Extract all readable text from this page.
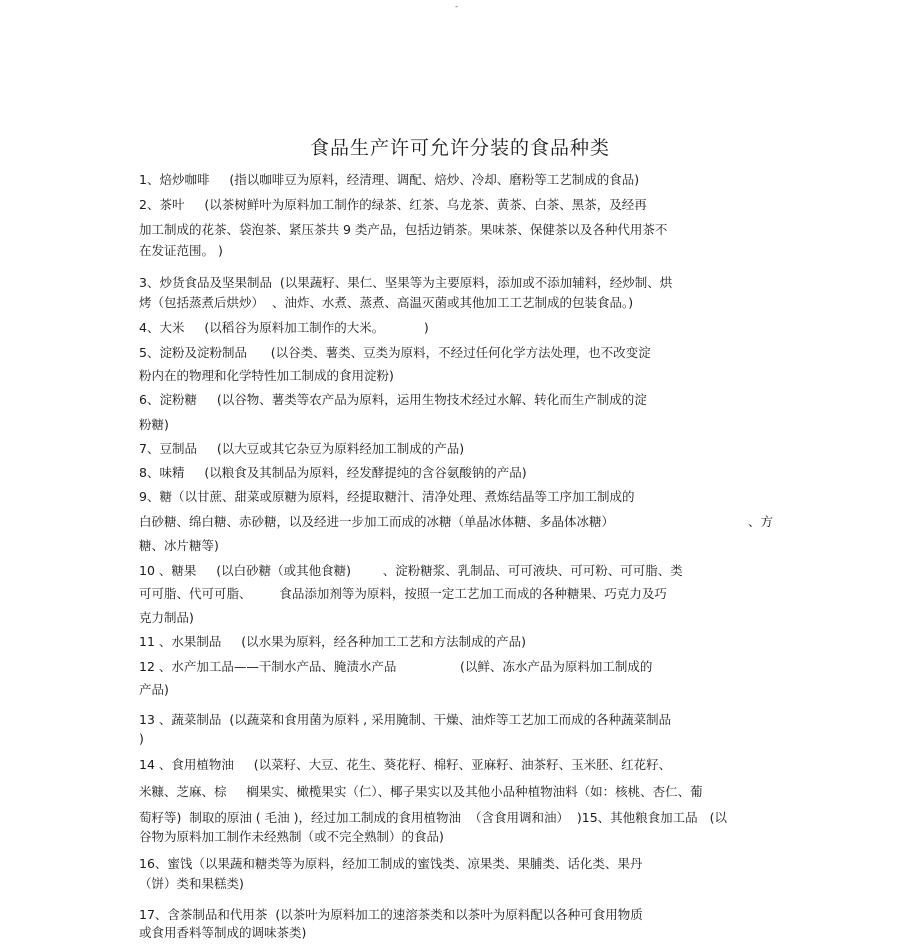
-
食品生产许可允许分装的食品种类
1、焙炒咖啡     (指以咖啡豆为原料，经清理、调配、焙炒、冷却、磨粉等工艺制成的食品)
2、茶叶     (以茶树鲜叶为原料加工制作的绿茶、红茶、乌龙茶、黄茶、白茶、黑茶，及经再
加工制成的花茶、袋泡茶、紧压茶共 9 类产品，包括边销茶。果味茶、保健茶以及各种代用茶不
在发证范围。 )
3、炒货食品及坚果制品  (以果蔬籽、果仁、坚果等为主要原料，添加或不添加辅料，经炒制、烘
烤（包括蒸煮后烘炒）  、油炸、水煮、蒸煮、高温灭菌或其他加工工艺制成的包装食品。)
4、大米     (以稻谷为原料加工制作的大米。          )
5、淀粉及淀粉制品      (以谷类、薯类、豆类为原料，不经过任何化学方法处理，也不改变淀
粉内在的物理和化学特性加工制成的食用淀粉)
6、淀粉糖     (以谷物、薯类等农产品为原料，运用生物技术经过水解、转化而生产制成的淀
粉糖)
7、豆制品     (以大豆或其它杂豆为原料经加工制成的产品)
8、味精     (以粮食及其制品为原料，经发酵提纯的含谷氨酸钠的产品)
9、糖（以甘蔗、甜菜或原糖为原料，经提取糖汁、清净处理、煮炼结晶等工序加工制成的
白砂糖、绵白糖、赤砂糖，以及经进一步加工而成的冰糖（单晶冰体糖、多晶体冰糖）	、方
糖、冰片糖等)
10 、糖果     (以白砂糖（或其他食糖)        、淀粉糖浆、乳制品、可可液块、可可粉、可可脂、类
可可脂、代可可脂、       食品添加剂等为原料，按照一定工艺加工而成的各种糖果、巧克力及巧
克力制品)
11 、水果制品     (以水果为原料，经各种加工工艺和方法制成的产品)
12 、水产加工品——干制水产品、腌渍水产品                (以鲜、冻水产品为原料加工制成的
产品)
13 、蔬菜制品  (以蔬菜和食用菌为原料 , 采用腌制、干燥、油炸等工艺加工而成的各种蔬菜制品
)
14 、食用植物油     (以菜籽、大豆、花生、葵花籽、棉籽、亚麻籽、油茶籽、玉米胚、红花籽、
米糠、芝麻、棕     榈果实、橄榄果实（仁）、椰子果实以及其他小品种植物油料（如：核桃、杏仁、葡
萄籽等)  制取的原油 ( 毛油 )，经过加工制成的食用植物油  （含食用调和油）  )15、其他粮食加工品   (以
谷物为原料加工制作未经熟制（或不完全熟制）的食品)
16、蜜饯（以果蔬和糖类等为原料，经加工制成的蜜饯类、凉果类、果脯类、话化类、果丹
（饼）类和果糕类)
17、含茶制品和代用茶  (以茶叶为原料加工的速溶茶类和以茶叶为原料配以各种可食用物质
或食用香料等制成的调味茶类)
